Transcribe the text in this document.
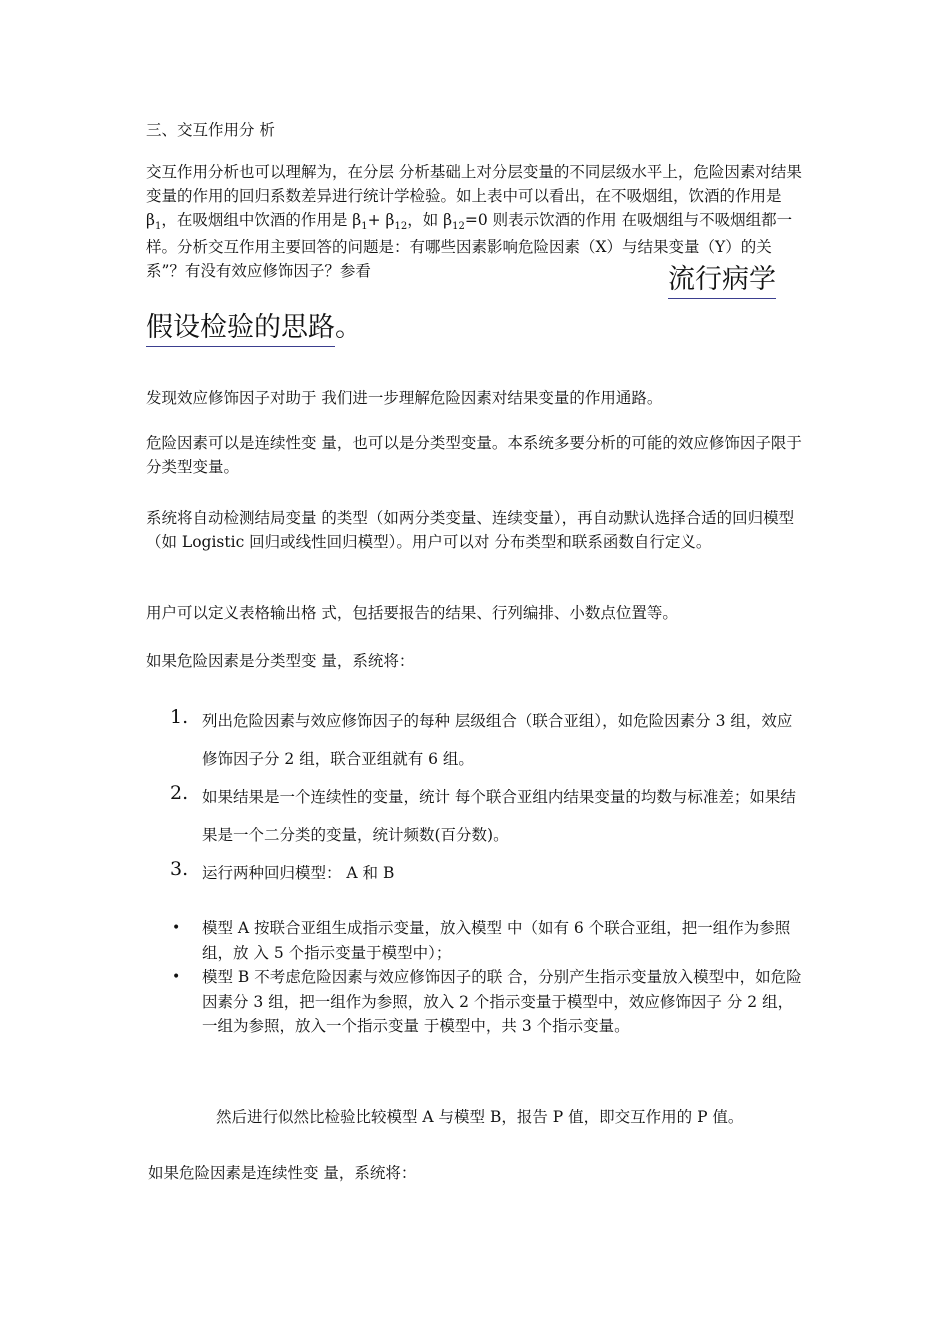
三、交互作用分 析

交互作用分析也可以理解为，在分层 分析基础上对分层变量的不同层级水平上，危险因素对结果变量的作用的回归系数差异进行统计学检验。如上表中可以看出，在不吸烟组，饮酒的作用是 $\beta_1$，在吸烟组中饮酒的作用是 $\beta_1+ \beta_{12}$，如 $\beta_{12}=0$ 则表示饮酒的作用 在吸烟组与不吸烟组都一样。分析交互作用主要回答的问题是：有哪些因素影响危险因素（X）与结果变量（Y）的关系”？有没有效应修饰因子？参看	流行病学
假设检验的思路。

发现效应修饰因子对助于 我们进一步理解危险因素对结果变量的作用通路。

危险因素可以是连续性变 量，也可以是分类型变量。本系统多要分析的可能的效应修饰因子限于分类型变量。

系统将自动检测结局变量 的类型（如两分类变量、连续变量），再自动默认选择合适的回归模型（如 Logistic 回归或线性回归模型）。用户可以对 分布类型和联系函数自行定义。

用户可以定义表格输出格 式，包括要报告的结果、行列编排、小数点位置等。

如果危险因素是分类型变 量，系统将：

1. 列出危险因素与效应修饰因子的每种 层级组合（联合亚组），如危险因素分 3 组，效应修饰因子分 2 组，联合亚组就有 6 组。
2. 如果结果是一个连续性的变量，统计 每个联合亚组内结果变量的均数与标准差；如果结果是一个二分类的变量，统计频数(百分数)。
3. 运行两种回归模型： A 和 B
• 模型 A 按联合亚组生成指示变量，放入模型 中（如有 6 个联合亚组，把一组作为参照组，放 入 5 个指示变量于模型中）；
• 模型 B 不考虑危险因素与效应修饰因子的联 合，分别产生指示变量放入模型中，如危险因素分 3 组，把一组作为参照，放入 2 个指示变量于模型中，效应修饰因子 分 2 组，一组为参照，放入一个指示变量 于模型中，共 3 个指示变量。

然后进行似然比检验比较模型 A 与模型 B，报告 P 值，即交互作用的 P 值。

如果危险因素是连续性变 量，系统将：
